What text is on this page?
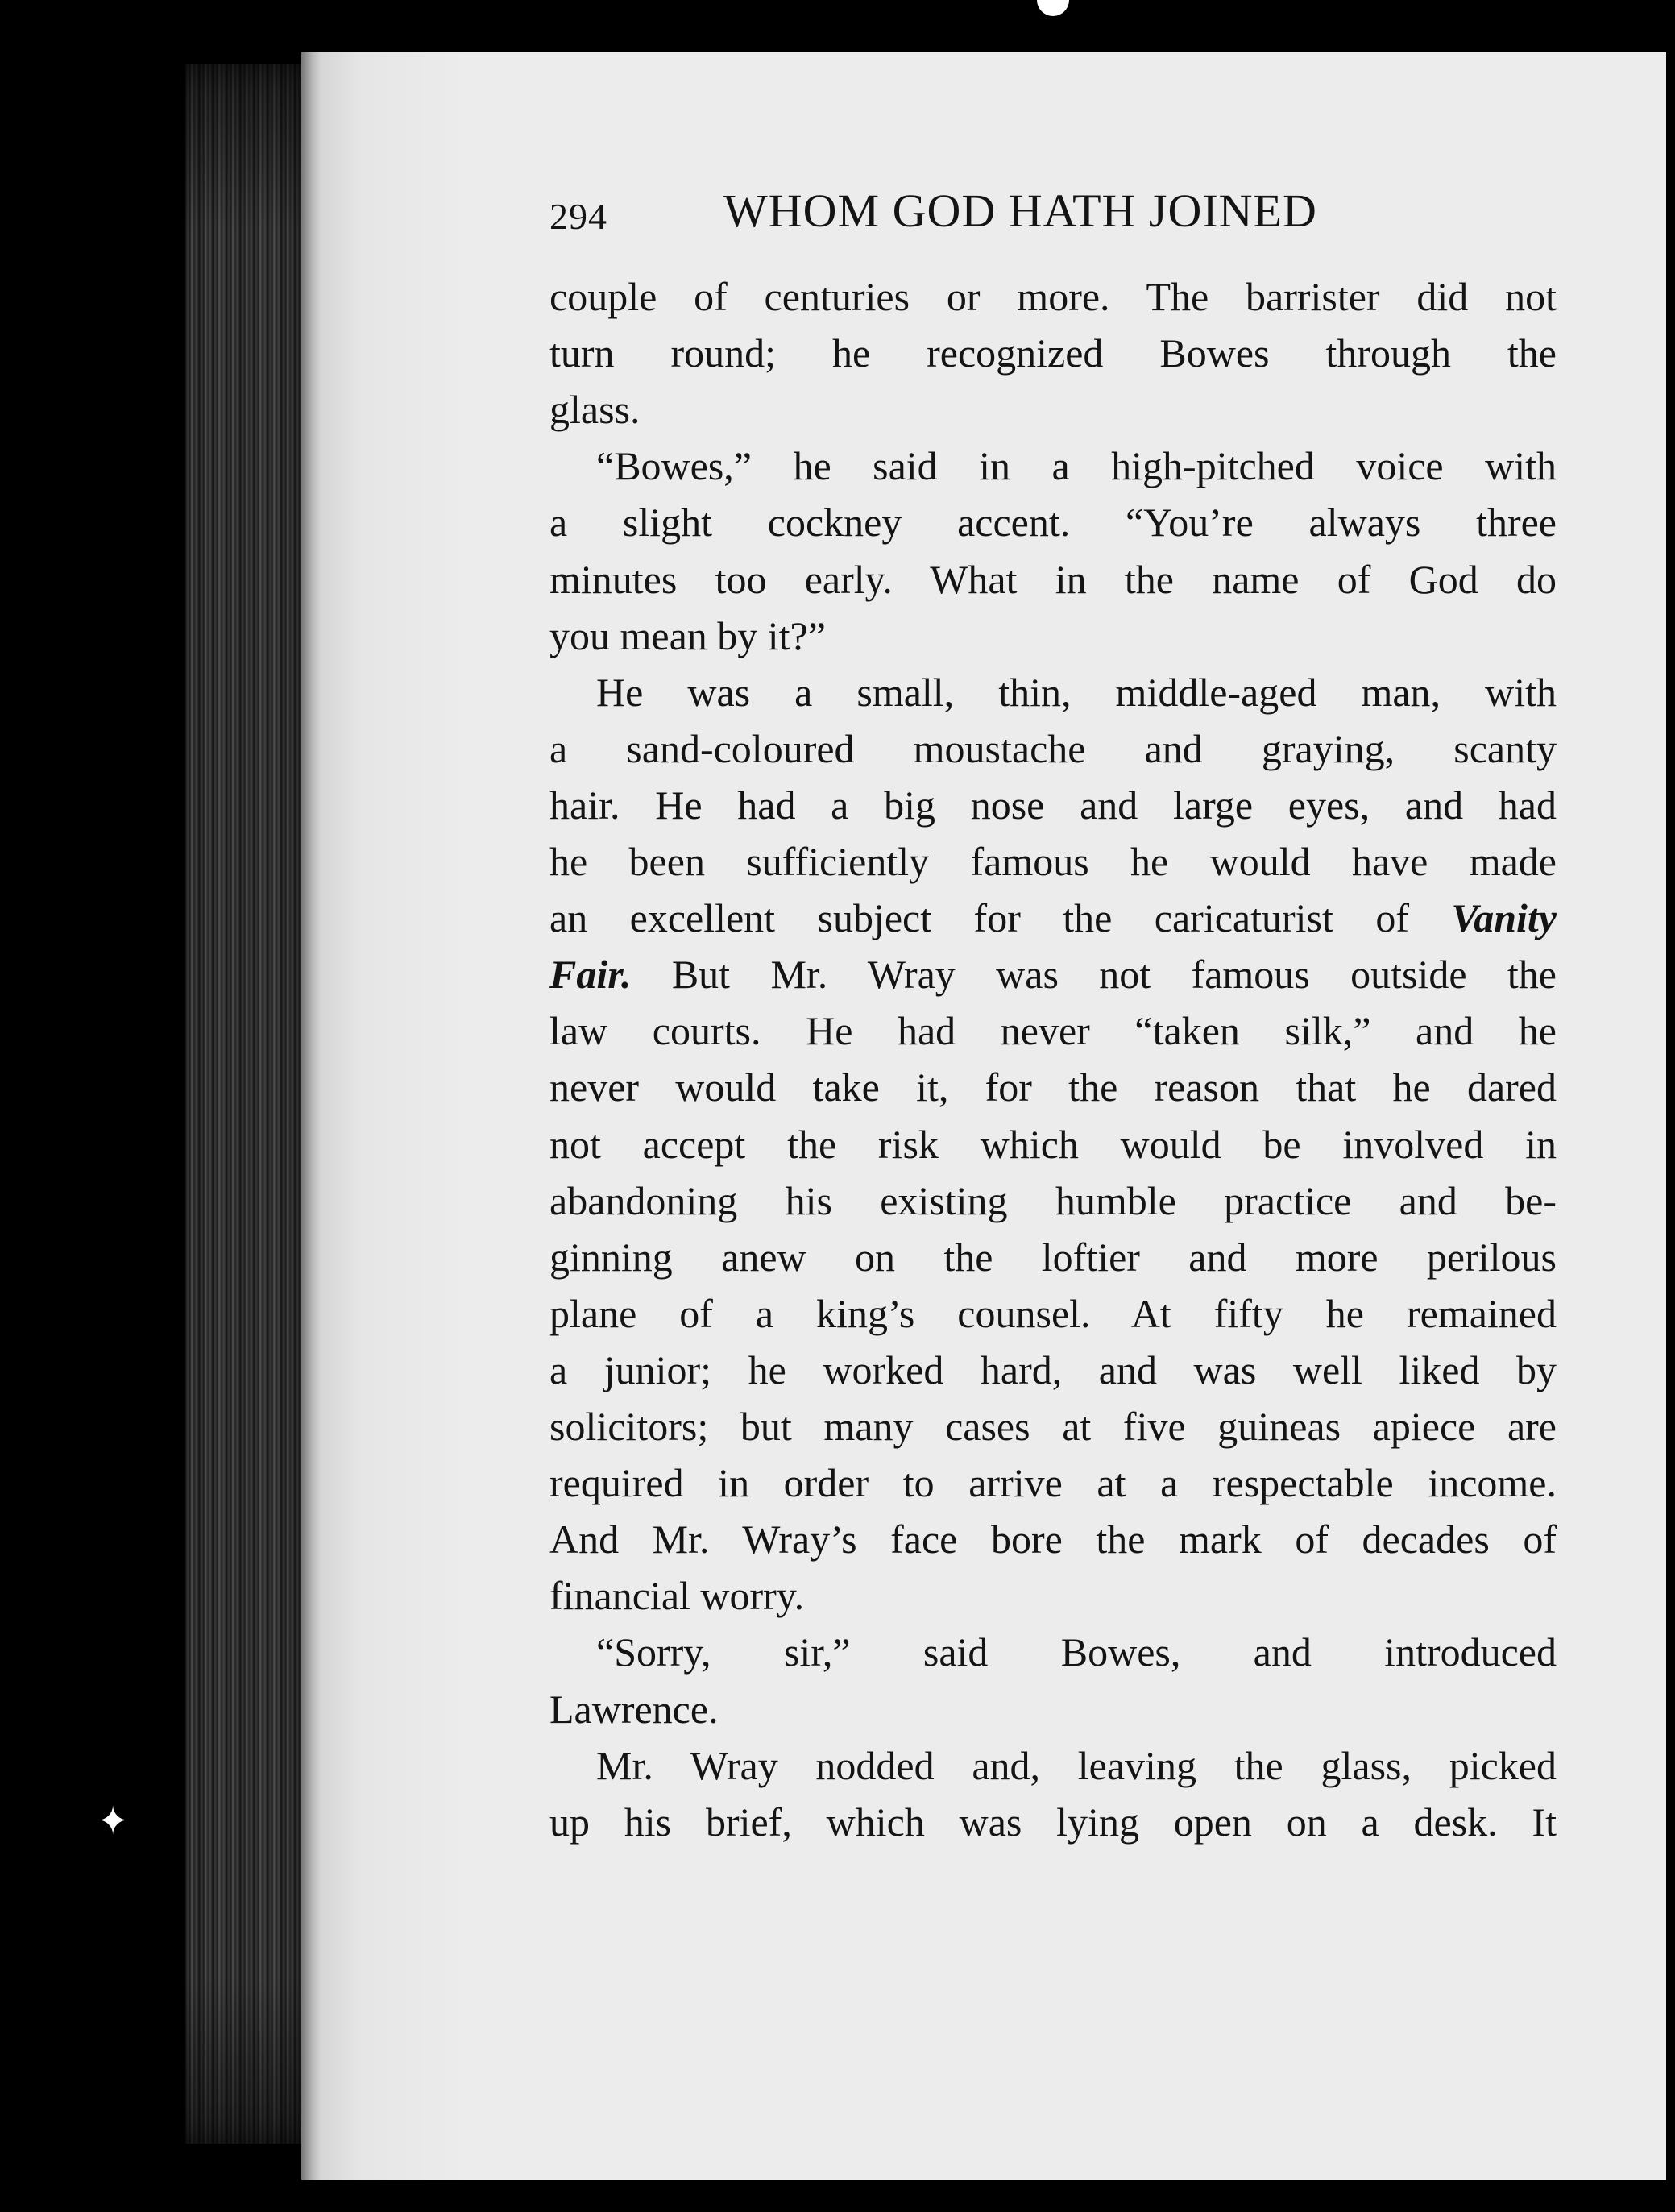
294 WHOM GOD HATH JOINED
couple of centuries or more. The barrister did not
turn round; he recognized Bowes through the
glass.
“Bowes,” he said in a high-pitched voice with
a slight cockney accent. “You’re always three
minutes too early. What in the name of God do
you mean by it?”
He was a small, thin, middle-aged man, with
a sand-coloured moustache and graying, scanty
hair. He had a big nose and large eyes, and had
he been sufficiently famous he would have made
an excellent subject for the caricaturist of Vanity
Fair. But Mr. Wray was not famous outside the
law courts. He had never “taken silk,” and he
never would take it, for the reason that he dared
not accept the risk which would be involved in
abandoning his existing humble practice and be-
ginning anew on the loftier and more perilous
plane of a king’s counsel. At fifty he remained
a junior; he worked hard, and was well liked by
solicitors; but many cases at five guineas apiece are
required in order to arrive at a respectable income.
And Mr. Wray’s face bore the mark of decades of
financial worry.
“Sorry, sir,” said Bowes, and introduced
Lawrence.
Mr. Wray nodded and, leaving the glass, picked
up his brief, which was lying open on a desk. It
✦
